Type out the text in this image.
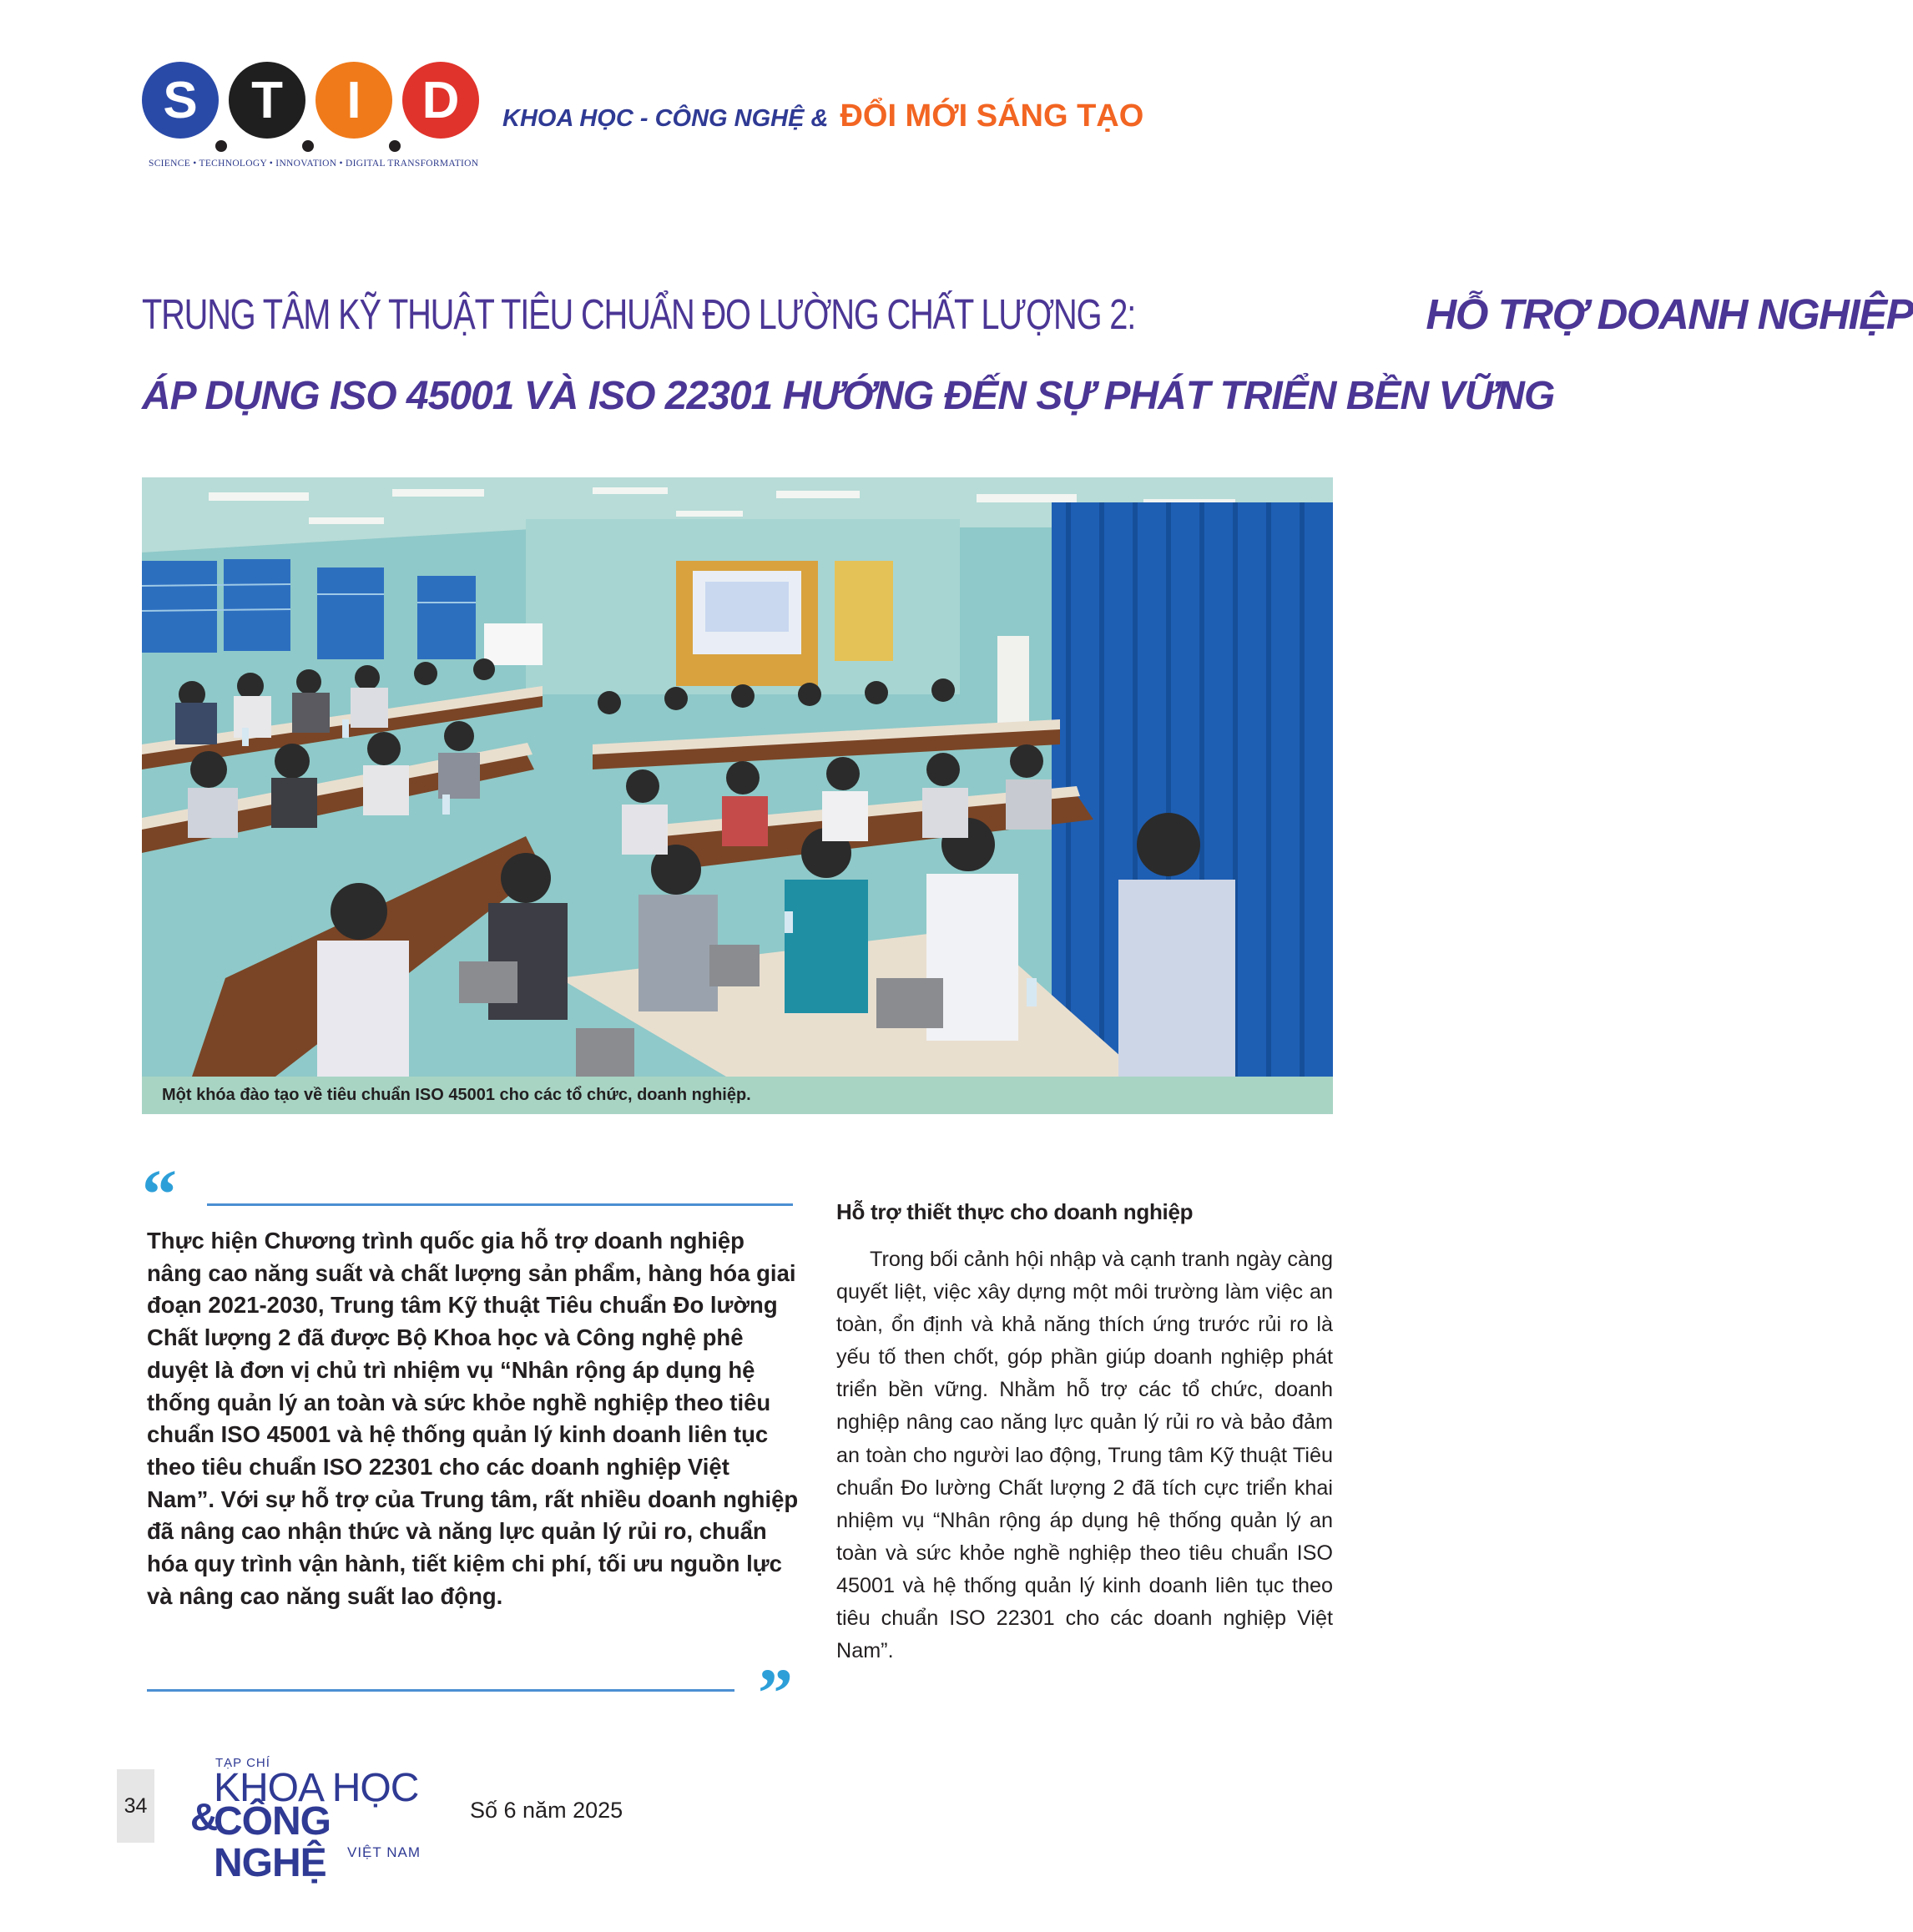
S	T	I	D
SCIENCE • TECHNOLOGY • INNOVATION • DIGITAL TRANSFORMATION
KHOA HỌC - CÔNG NGHỆ & ĐỔI MỚI SÁNG TẠO
TRUNG TÂM KỸ THUẬT TIÊU CHUẨN ĐO LƯỜNG CHẤT LƯỢNG 2:	HỖ TRỢ DOANH NGHIỆP
ÁP DỤNG ISO 45001 VÀ ISO 22301 HƯỚNG ĐẾN SỰ PHÁT TRIỂN BỀN VỮNG
Một khóa đào tạo về tiêu chuẩn ISO 45001 cho các tổ chức, doanh nghiệp.
“
Thực hiện Chương trình quốc gia hỗ trợ doanh nghiệp nâng cao năng suất và chất lượng sản phẩm, hàng hóa giai đoạn 2021-2030, Trung tâm Kỹ thuật Tiêu chuẩn Đo lường Chất lượng 2 đã được Bộ Khoa học và Công nghệ phê duyệt là đơn vị chủ trì nhiệm vụ “Nhân rộng áp dụng hệ thống quản lý an toàn và sức khỏe nghề nghiệp theo tiêu chuẩn ISO 45001 và hệ thống quản lý kinh doanh liên tục theo tiêu chuẩn ISO 22301 cho các doanh nghiệp Việt Nam”. Với sự hỗ trợ của Trung tâm, rất nhiều doanh nghiệp đã nâng cao nhận thức và năng lực quản lý rủi ro, chuẩn hóa quy trình vận hành, tiết kiệm chi phí, tối ưu nguồn lực và nâng cao năng suất lao động.
”
Hỗ trợ thiết thực cho doanh nghiệp

Trong bối cảnh hội nhập và cạnh tranh ngày càng quyết liệt, việc xây dựng một môi trường làm việc an toàn, ổn định và khả năng thích ứng trước rủi ro là yếu tố then chốt, góp phần giúp doanh nghiệp phát triển bền vững. Nhằm hỗ trợ các tổ chức, doanh nghiệp nâng cao năng lực quản lý rủi ro và bảo đảm an toàn cho người lao động, Trung tâm Kỹ thuật Tiêu chuẩn Đo lường Chất lượng 2 đã tích cực triển khai nhiệm vụ “Nhân rộng áp dụng hệ thống quản lý an toàn và sức khỏe nghề nghiệp theo tiêu chuẩn ISO 45001 và hệ thống quản lý kinh doanh liên tục theo tiêu chuẩn ISO 22301 cho các doanh nghiệp Việt Nam”.

34
TẠP CHÍ
KHOA HỌC
&
CÔNG NGHỆ	VIỆT NAM
Số 6 năm 2025
